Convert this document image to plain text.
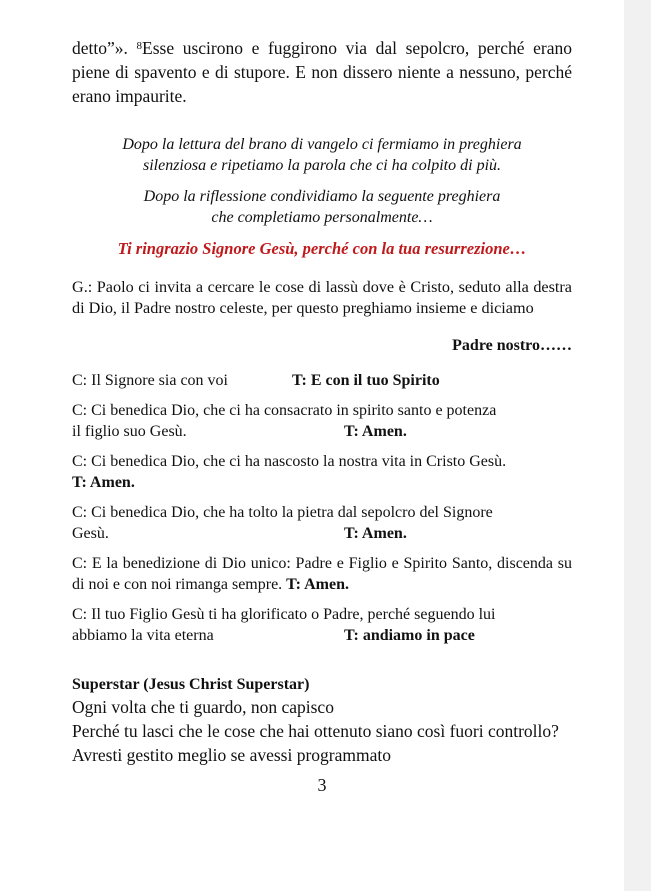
detto”». $^8$Esse uscirono e fuggirono via dal sepolcro, perché erano piene di spavento e di stupore. E non dissero niente a nessuno, perché erano impaurite.

Dopo la lettura del brano di vangelo ci fermiamo in preghiera
silenziosa e ripetiamo la parola che ci ha colpito di più.

Dopo la riflessione condividiamo la seguente preghiera
che completiamo personalmente…

Ti ringrazio Signore Gesù, perché con la tua resurrezione…

G.: Paolo ci invita a cercare le cose di lassù dove è Cristo, seduto alla destra di Dio, il Padre nostro celeste, per questo preghiamo insieme e diciamo

Padre nostro……

C: Il Signore sia con voi	T: E con il tuo Spirito
C: Ci benedica Dio, che ci ha consacrato in spirito santo e potenza
il figlio suo Gesù.	T: Amen.
C: Ci benedica Dio, che ci ha nascosto la nostra vita in Cristo Gesù.
T: Amen.
C: Ci benedica Dio, che ha tolto la pietra dal sepolcro del Signore
Gesù.	T: Amen.

C: E la benedizione di Dio unico: Padre e Figlio e Spirito Santo, discenda su di noi e con noi rimanga sempre. T: Amen.

C: Il tuo Figlio Gesù ti ha glorificato o Padre, perché seguendo lui
abbiamo la vita eterna	T: andiamo in pace
Superstar (Jesus Christ Superstar)
Ogni volta che ti guardo, non capisco
Perché tu lasci che le cose che hai ottenuto siano così fuori controllo?
Avresti gestito meglio se avessi programmato
3
